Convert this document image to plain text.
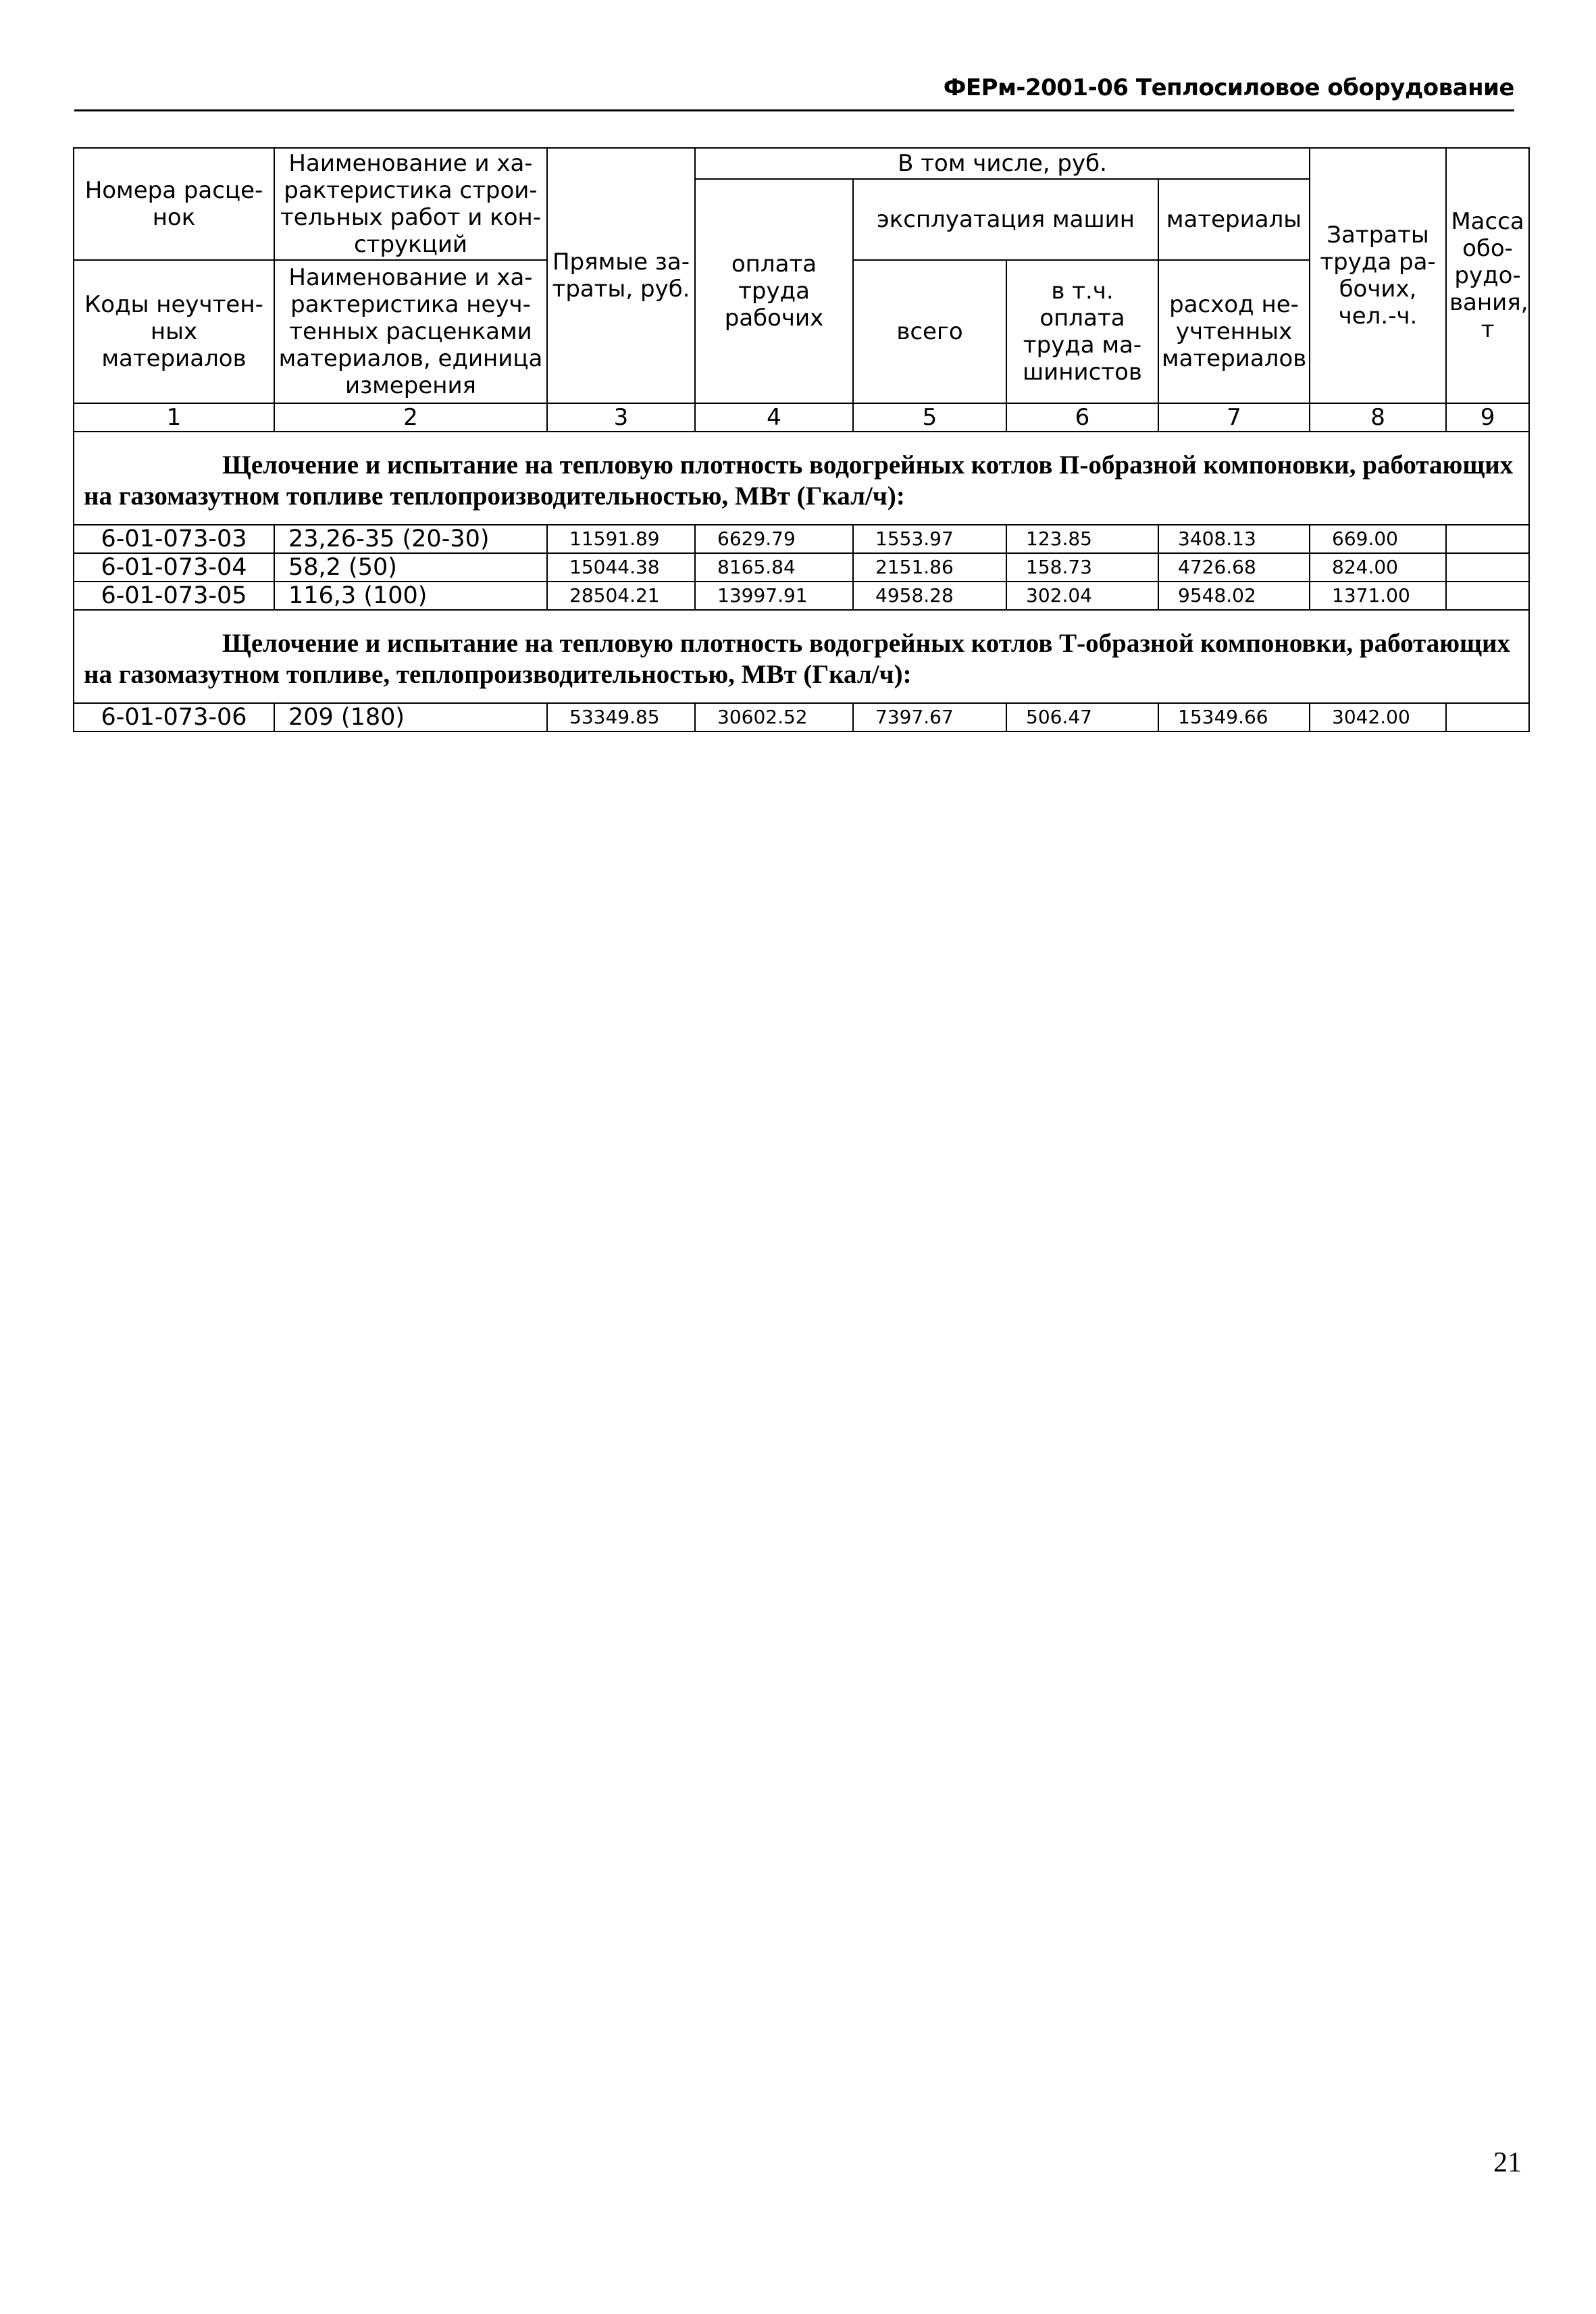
ФЕРм-2001-06 Теплосиловое оборудование
Номера расце-нок	Наименование и ха-рактеристика строи-тельных работ и кон-струкций	Прямые за-траты, руб.	В том числе, руб.				Затраты труда ра-бочих, чел.-ч.	Масса обо-рудо-вания, т
			оплата труда рабочих	эксплуатация машин		материалы		
Коды неучтен-ных материалов	Наименование и ха-рактеристика неуч-тенных расценками материалов, единица измерения			всего	в т.ч. оплата труда ма-шинистов	расход не-учтенных материалов		
1	2	3	4	5	6	7	8	9
Щелочение и испытание на тепловую плотность водогрейных котлов П-образной компоновки, работающих на газомазутном топливе теплопроизводительностью, МВт (Гкал/ч):								
6-01-073-03	23,26-35 (20-30)	11591.89	6629.79	1553.97	123.85	3408.13	669.00	
6-01-073-04	58,2 (50)	15044.38	8165.84	2151.86	158.73	4726.68	824.00	
6-01-073-05	116,3 (100)	28504.21	13997.91	4958.28	302.04	9548.02	1371.00	
Щелочение и испытание на тепловую плотность водогрейных котлов Т-образной компоновки, работающих на газомазутном топливе, теплопроизводительностью, МВт (Гкал/ч):								
6-01-073-06	209 (180)	53349.85	30602.52	7397.67	506.47	15349.66	3042.00	
21
